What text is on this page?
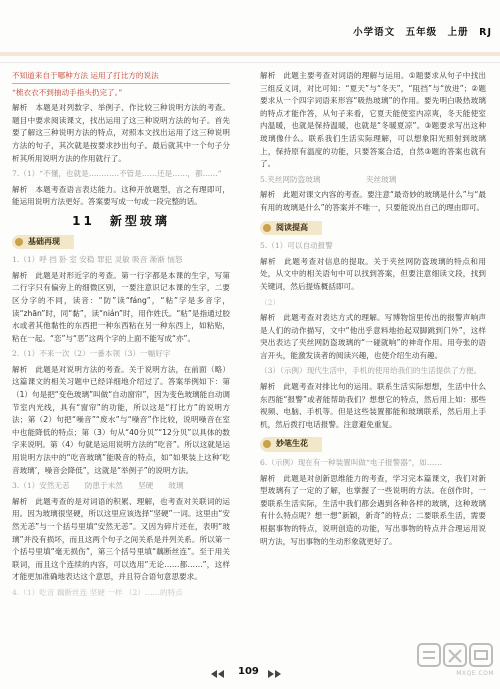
小学语文　五年级　上册　RJ

不知道来自于哪种方法 运用了打比方的说法

“梳衣衣不到抽动手指头扔完了。”

解析　本题是对列数字、举例子、作比较三种说明方法的考查。题目中要求阅读课文，找出运用了这三种说明方法的句子。首先要了解这三种说明方法的特点，对照本文找出运用了这三种说明方法的句子，其次就是按要求抄出句子。最后就其中一个句子分析其所用说明方法的作用就行了。

7.（1）“不懂，也就是…………不管是……还是……，都……”

解析　本题考查语言表达能力。这种开放题型，言之有理即可，能运用说明方法更好。答案要写成一句或一段完整的话。

11　新型玻璃
基础再现

1.（1）呼 挡 卧 室 安稳 罪犯 灵敏 吸音 渐渐 恼怒

解析　此题是对形近字的考查。第一行字都是本课的生字，写第二行字只有偏旁上的细微区别，一要注意识记本课的生字，二要区分字的不同，读音：“防”读“fáng”，“粘”字是多音字，读“zhān”时，同“黏”，读“nián”时，用作姓氏。“粘”是指通过胶水或者其他黏性的东西把一种东西粘在另一种东西上，如粘贴，粘在一起。“恋”与“恶”这两个字的上面不能写成“亦”。

2.（1）不来一次（2）一番本领（3）一幅好字

解析　此题是对说明方法的考查。关于说明方法，在前面（略）这篇课文的相关习题中已经详细地介绍过了。答案举例如下：第（1）句是把“变色玻璃”叫做“自动窗帘”，因为变色玻璃能自动调节室内光线，具有“窗帘”的功能，所以这是“打比方”的说明方法；第（2）句把“噪音”“废水”与“噪音”作比较，说明噪音在室中也能降低的特点；第（3）句从“40分贝”“12分贝”以具体的数字来说明。第（4）句就是运用说明方法的“吃音”。所以这就是运用说明方法中的“吃音玻璃”能吸音的特点，如“如果装上这种‘吃音玻璃’，噪音会降低”，这就是“举例子”的说明方法。

3.（1）安然无恙　　防患于未然　　坚硬　　玻璃

解析　此题考查的是对词语的积累、理解，也考查对关联词的运用。因为玻璃很坚硬，所以这里应该选择“坚硬”一词。这里由“安然无恙”与一个括号里填“安然无恙”。又因为碎片还在，表明“玻璃”并没有损坏，而且这两个句子之间关系是并列关系。所以第一个括号里填“毫无损伤”，第三个括号里填“藕断丝连”。至于用关联词，而且这个连续的内容，可以选用“无论……都……”，这样才能更加准确地表达这个意思，并且符合语句意思要求。

4.（1）吃音 藕断丝连 坚硬 一样 （2）……的特点

解析　此题主要考查对词语的理解与运用。①题要求从句子中找出三组反义词，对比可知：“夏天”与“冬天”，“阻挡”与“放进”；②题要求从一个四字词语来形容“吸热玻璃”的作用。要先明白吸热玻璃的特点才能作答，从句子来看，它夏天能使室内凉爽，冬天能使室内温暖，也就是保持温暖，也就是“冬暖夏凉”。③题要求写出这种玻璃像什么。联系我们生活实际理解，可以想象阳光照射到玻璃上，保持原有温度的功能，只要答案合适，自然③题的答案也就有了。

5.夹丝网防盗玻璃　　　　　　夹丝玻璃

解析　此题对课文内容的考查。要注意“最奇妙的玻璃是什么”与“最有用的玻璃是什么”的答案并不唯一，只要能说出自己的理由即可。

阅读提高

5.（1）可以自动报警

解析　此题考查对信息的提取。关于夹丝网防盗玻璃的特点和用处，从文中的相关语句中可以找到答案，但要注意细读文段，找到关键词，然后提炼概括即可。

（2）

解析　此题考查对表达方式的理解。写博物馆里传出的报警声响声是人们的动作描写，文中“他出乎意料地抬起双脚跳到门外”，这样突出表达了夹丝网防盗玻璃的“一碰就响”的神奇作用。用夸张的语言开头，能激发读者的阅读兴趣，也使介绍生动有趣。

（3）（示例）现代生活中，手机的使用给我们的生活提供了方便。

解析　此题考查对排比句的运用。联系生活实际想想，生活中什么东西能“报警”或者能帮助我们？想想它的特点，然后用上如：那些视频、电脑、手机等。但是这些装置都能和玻璃联系，然后用上手机，然后拨打电话报警。注意避免重复。

妙笔生花

6.（示例）现在有一种装置叫做“电子报警器”，如……

解析　此题是对创新思维能力的考查，学习完本篇课文，我们对新型玻璃有了一定的了解，也掌握了一些说明的方法。在创作时，一要联系生活实际，生活中我们都会遇到各种各样的玻璃，这种玻璃有什么特点呢？想一想“新颖，新奇”的特点；二要联系生活，需要根据事物的特点，说明创造的功能，写出事物的特点并合理运用说明方法，写出事物的生动形象就更好了。

109	MXQE.COM
